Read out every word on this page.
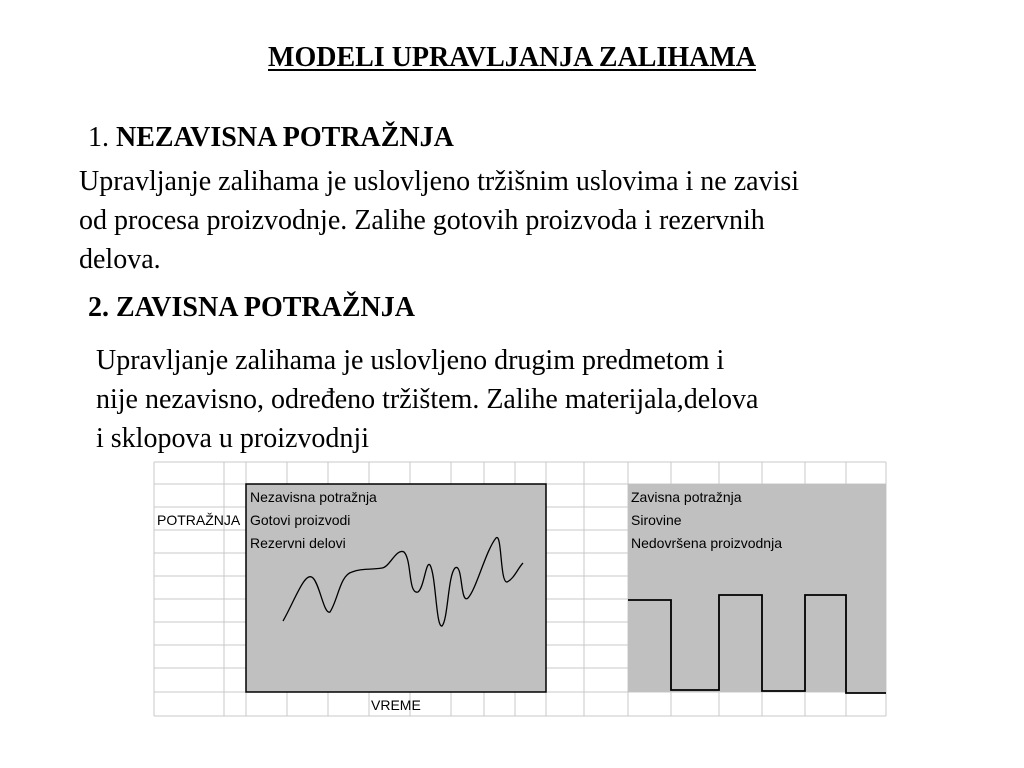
MODELI UPRAVLJANJA ZALIHAMA
1. NEZAVISNA POTRAŽNJA
Upravljanje zalihama je uslovljeno tržišnim uslovima i ne zavisi
od procesa proizvodnje. Zalihe gotovih proizvoda i rezervnih
delova.
2. ZAVISNA POTRAŽNJA
Upravljanje zalihama je uslovljeno drugim predmetom i
nije nezavisno, određeno tržištem. Zalihe materijala,delova
i sklopova u proizvodnji
Nezavisna potražnja
Gotovi proizvodi
Rezervni delovi
Zavisna potražnja
Sirovine
Nedovršena proizvodnja
POTRAŽNJA
VREME
